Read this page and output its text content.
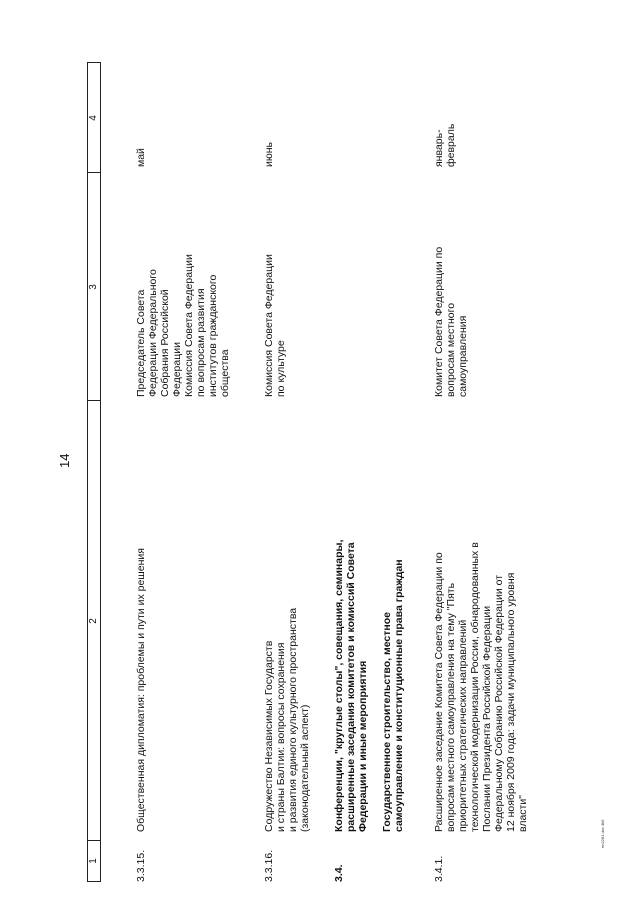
14
en2281.doc 4k6
1
2
3
4
3.3.15.
Общественная дипломатия: проблемы и пути их решения
Председатель Совета Федерации Федерального Собрания Российской Федерации Комиссия Совета Федерации по вопросам развития институтов гражданского общества
май
3.3.16.
Содружество Независимых Государств и страны Балтии: вопросы сохранения и развития единого культурного пространства (законодательный аспект)
Комиссия Совета Федерации по культуре
июнь
3.4.
Конференции, "круглые столы", совещания, семинары, расширенные заседания комитетов и комиссий Совета Федерации и иные мероприятия Государственное строительство, местное самоуправление и конституционные права граждан
3.4.1.
Расширенное заседание Комитета Совета Федерации по вопросам местного самоуправления на тему "Пять приоритетных стратегических направлений технологической модернизации России, обнародованных в Послании Президента Российской Федерации Федеральному Собранию Российской Федерации от 12 ноября 2009 года: задачи муниципального уровня власти"
Комитет Совета Федерации по вопросам местного самоуправления
январь- февраль
